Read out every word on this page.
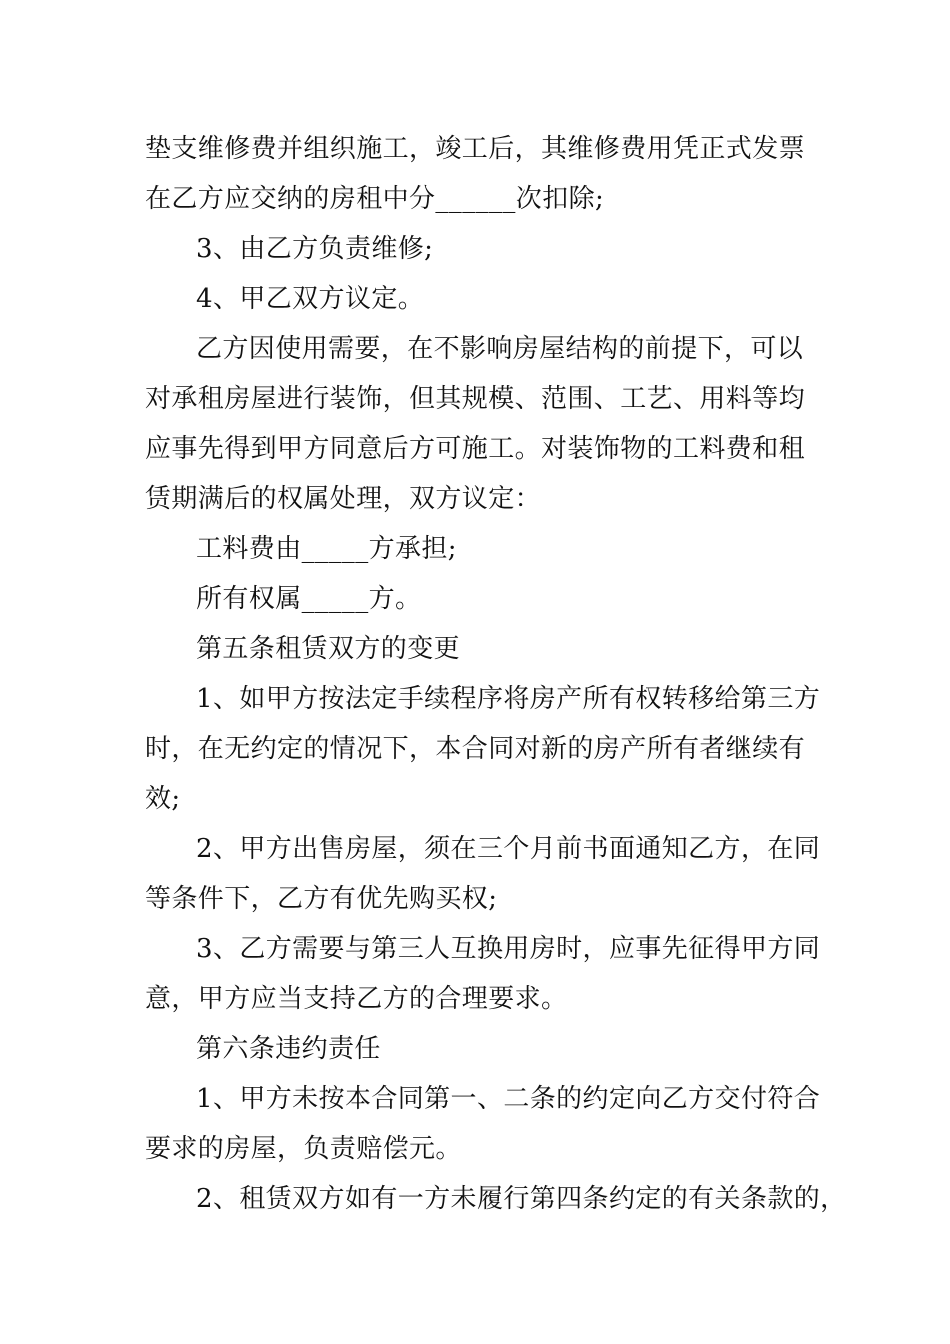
垫支维修费并组织施工，竣工后，其维修费用凭正式发票
在乙方应交纳的房租中分______次扣除;
3、由乙方负责维修;
4、甲乙双方议定。
乙方因使用需要，在不影响房屋结构的前提下，可以
对承租房屋进行装饰，但其规模、范围、工艺、用料等均
应事先得到甲方同意后方可施工。对装饰物的工料费和租
赁期满后的权属处理，双方议定：
工料费由_____方承担;
所有权属_____方。
第五条租赁双方的变更
1、如甲方按法定手续程序将房产所有权转移给第三方
时，在无约定的情况下，本合同对新的房产所有者继续有
效;
2、甲方出售房屋，须在三个月前书面通知乙方，在同
等条件下，乙方有优先购买权;
3、乙方需要与第三人互换用房时，应事先征得甲方同
意，甲方应当支持乙方的合理要求。
第六条违约责任
1、甲方未按本合同第一、二条的约定向乙方交付符合
要求的房屋，负责赔偿元。
2、租赁双方如有一方未履行第四条约定的有关条款的，
